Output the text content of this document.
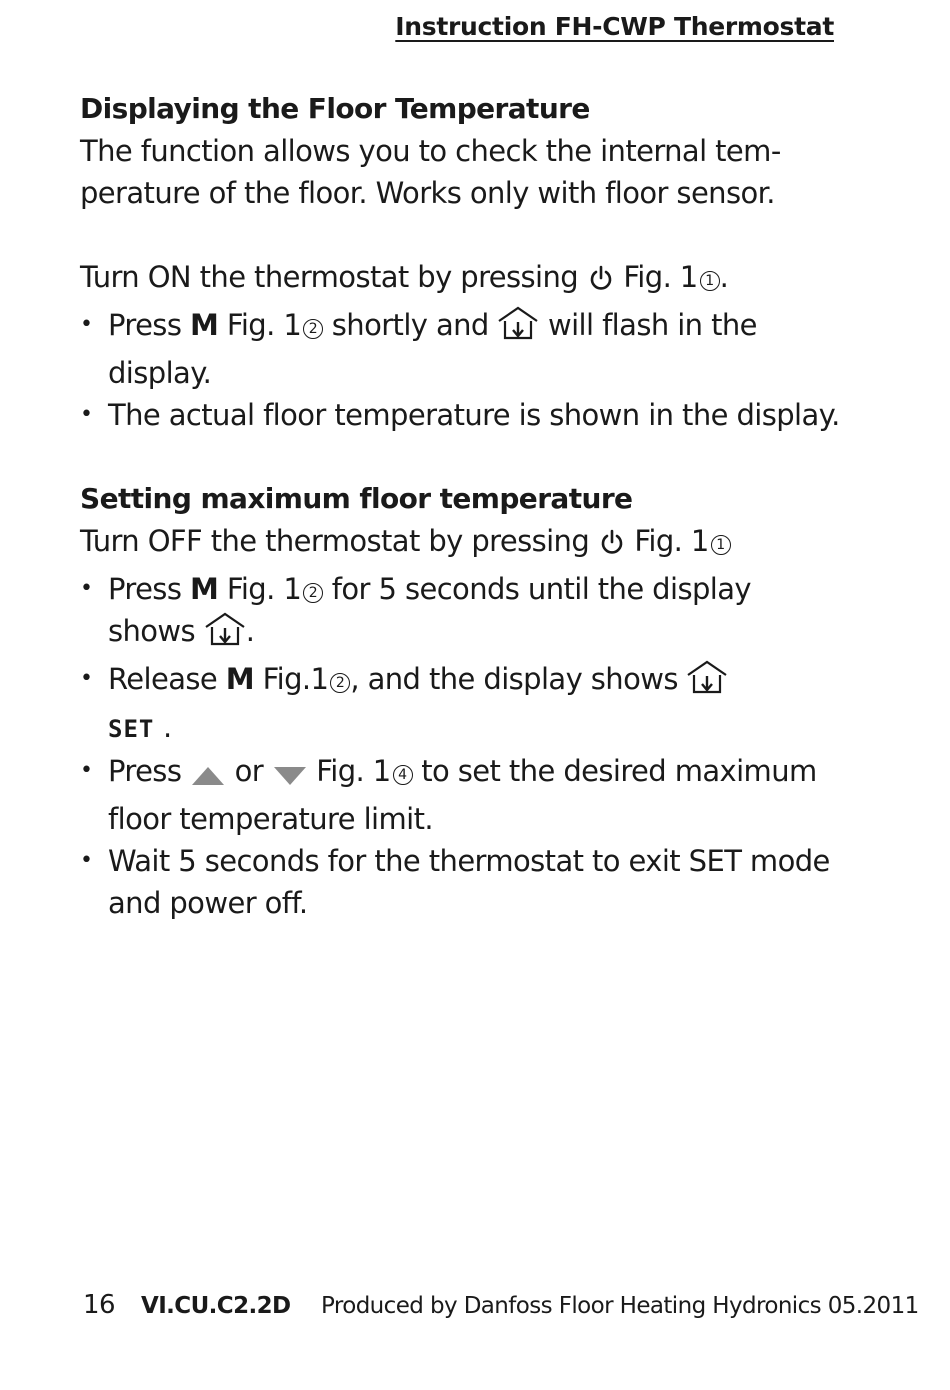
Instruction FH-CWP Thermostat
Displaying the Floor Temperature

The function allows you to check the internal tem-perature of the floor. Works only with floor sensor.

Turn ON the thermostat by pressing Fig. 1 1 .

• Press M Fig. 1 2 shortly and will flash in the display.
• The actual floor temperature is shown in the display.
Setting maximum floor temperature

Turn OFF the thermostat by pressing Fig. 1 1

• Press M Fig. 1 2 for 5 seconds until the display shows .
• Release M Fig.1 2 , and the display shows
SET .
• Press or Fig. 1 4 to set the desired maximum floor temperature limit.
• Wait 5 seconds for the thermostat to exit SET mode and power off.
16 VI.CU.C2.2D Produced by Danfoss Floor Heating Hydronics 05.2011
